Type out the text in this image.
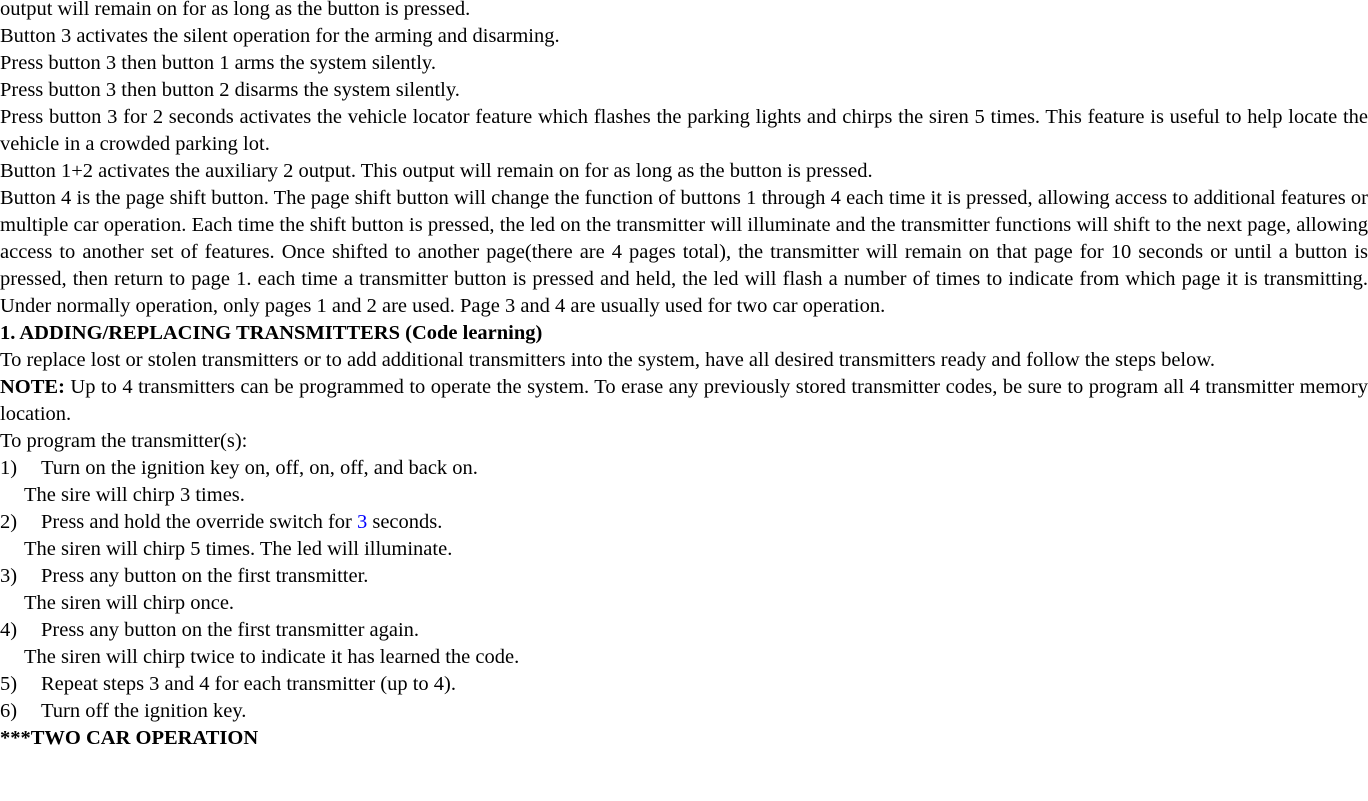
output will remain on for as long as the button is pressed.

Button 3 activates the silent operation for the arming and disarming.

Press button 3 then button 1 arms the system silently.

Press button 3 then button 2 disarms the system silently.

Press button 3 for 2 seconds activates the vehicle locator feature which flashes the parking lights and chirps the siren 5 times. This feature is useful to help locate the vehicle in a crowded parking lot.

Button 1+2 activates the auxiliary 2 output. This output will remain on for as long as the button is pressed.

Button 4 is the page shift button. The page shift button will change the function of buttons 1 through 4 each time it is pressed, allowing access to additional features or multiple car operation. Each time the shift button is pressed, the led on the transmitter will illuminate and the transmitter functions will shift to the next page, allowing access to another set of features. Once shifted to another page(there are 4 pages total), the transmitter will remain on that page for 10 seconds or until a button is pressed, then return to page 1. each time a transmitter button is pressed and held, the led will flash a number of times to indicate from which page it is transmitting. Under normally operation, only pages 1 and 2 are used. Page 3 and 4 are usually used for two car operation.

1. ADDING/REPLACING TRANSMITTERS (Code learning)

To replace lost or stolen transmitters or to add additional transmitters into the system, have all desired transmitters ready and follow the steps below.

NOTE: Up to 4 transmitters can be programmed to operate the system. To erase any previously stored transmitter codes, be sure to program all 4 transmitter memory location.

To program the transmitter(s):

1) Turn on the ignition key on, off, on, off, and back on.

The sire will chirp 3 times.

2) Press and hold the override switch for 3 seconds.

The siren will chirp 5 times. The led will illuminate.

3) Press any button on the first transmitter.

The siren will chirp once.

4) Press any button on the first transmitter again.

The siren will chirp twice to indicate it has learned the code.

5) Repeat steps 3 and 4 for each transmitter (up to 4).

6) Turn off the ignition key.

***TWO CAR OPERATION
